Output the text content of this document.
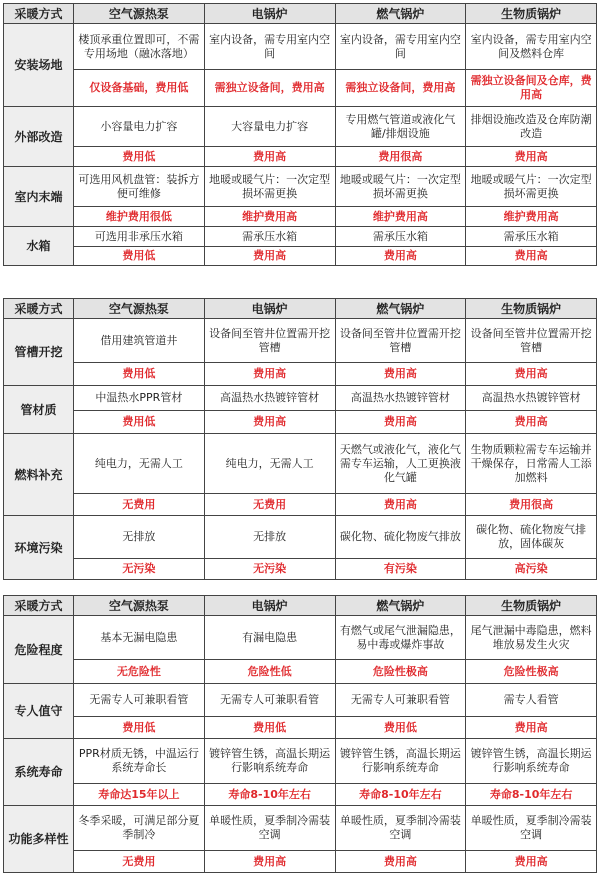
采暖方式	空气源热泵	电锅炉	燃气锅炉	生物质锅炉
安装场地	楼顶承重位置即可，不需专用场地（融冰落地）	室内设备，需专用室内空间	室内设备，需专用室内空间	室内设备，需专用室内空间及燃料仓库
	仅设备基础，费用低	需独立设备间，费用高	需独立设备间，费用高	需独立设备间及仓库，费用高
外部改造	小容量电力扩容	大容量电力扩容	专用燃气管道或液化气罐/排烟设施	排烟设施改造及仓库防潮改造
	费用低	费用高	费用很高	费用高
室内末端	可选用风机盘管：装拆方便可维修	地暖或暖气片：一次定型损坏需更换	地暖或暖气片：一次定型损坏需更换	地暖或暖气片：一次定型损坏需更换
	维护费用很低	维护费用高	维护费用高	维护费用高
水箱	可选用非承压水箱	需承压水箱	需承压水箱	需承压水箱
	费用低	费用高	费用高	费用高
采暖方式	空气源热泵	电锅炉	燃气锅炉	生物质锅炉
管槽开挖	借用建筑管道井	设备间至管井位置需开挖管槽	设备间至管井位置需开挖管槽	设备间至管井位置需开挖管槽
	费用低	费用高	费用高	费用高
管材质	中温热水PPR管材	高温热水热镀锌管材	高温热水热镀锌管材	高温热水热镀锌管材
	费用低	费用高	费用高	费用高
燃料补充	纯电力，无需人工	纯电力，无需人工	天燃气或液化气，液化气需专车运输，人工更换液化气罐	生物质颗粒需专车运输并干燥保存，日常需人工添加燃料
	无费用	无费用	费用高	费用很高
环境污染	无排放	无排放	碳化物、硫化物废气排放	碳化物、硫化物废气排放，固体碳灰
	无污染	无污染	有污染	高污染
采暖方式	空气源热泵	电锅炉	燃气锅炉	生物质锅炉
危险程度	基本无漏电隐患	有漏电隐患	有燃气或尾气泄漏隐患，易中毒或爆炸事故	尾气泄漏中毒隐患，燃料堆放易发生火灾
	无危险性	危险性低	危险性极高	危险性极高
专人值守	无需专人可兼职看管	无需专人可兼职看管	无需专人可兼职看管	需专人看管
	费用低	费用低	费用低	费用高
系统寿命	PPR材质无锈，中温运行系统寿命长	镀锌管生锈，高温长期运行影响系统寿命	镀锌管生锈，高温长期运行影响系统寿命	镀锌管生锈，高温长期运行影响系统寿命
	寿命达15年以上	寿命8-10年左右	寿命8-10年左右	寿命8-10年左右
功能多样性	冬季采暖，可满足部分夏季制冷	单暖性质，夏季制冷需装空调	单暖性质，夏季制冷需装空调	单暖性质，夏季制冷需装空调
	无费用	费用高	费用高	费用高
